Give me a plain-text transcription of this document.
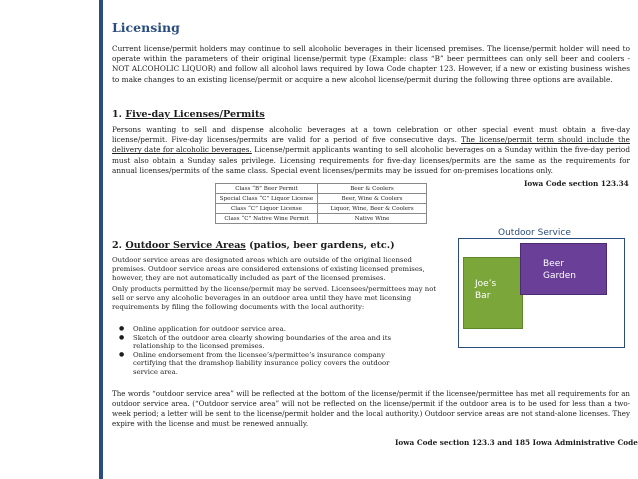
Licensing
Current license/permit holders may continue to sell alcoholic beverages in their licensed premises. The license/permit holder will need to operate within the parameters of their original license/permit type (Example: class “B” beer permittees can only sell beer and coolers - NOT ALCOHOLIC LIQUOR) and follow all alcohol laws required by Iowa Code chapter 123. However, if a new or existing business wishes to make changes to an existing license/permit or acquire a new alcohol license/permit during the following three options are available.
1. Five-day Licenses/Permits
Persons wanting to sell and dispense alcoholic beverages at a town celebration or other special event must obtain a five-day license/permit. Five-day licenses/permits are valid for a period of five consecutive days. The license/permit term should include the delivery date for alcoholic beverages. License/permit applicants wanting to sell alcoholic beverages on a Sunday within the five-day period must also obtain a Sunday sales privilege. Licensing requirements for five-day licenses/permits are the same as the requirements for annual licenses/permits of the same class. Special event licenses/permits may be issued for on-premises locations only.
Iowa Code section 123.34
Class “B” Beer Permit	Beer & Coolers
Special Class “C” Liquor License	Beer, Wine & Coolers
Class “C” Liquor License	Liquor, Wine, Beer & Coolers
Class “C” Native Wine Permit	Native Wine
2. Outdoor Service Areas (patios, beer gardens, etc.)
Outdoor service areas are designated areas which are outside of the original licensed premises. Outdoor service areas are considered extensions of existing licensed premises, however, they are not automatically included as part of the licensed premises.
Only products permitted by the license/permit may be served. Licensees/permittees may not sell or serve any alcoholic beverages in an outdoor area until they have met licensing requirements by filing the following documents with the local authority:
● Online application for outdoor service area.
● Sketch of the outdoor area clearly showing boundaries of the area and its relationship to the licensed premises.
● Online endorsement from the licensee’s/permittee’s insurance company certifying that the dramshop liability insurance policy covers the outdoor service area.
Outdoor Service
Joe’s Bar
Beer Garden
The words “outdoor service area” will be reflected at the bottom of the license/permit if the licensee/permittee has met all requirements for an outdoor service area. (“Outdoor service area” will not be reflected on the license/permit if the outdoor area is to be used for less than a two-week period; a letter will be sent to the license/permit holder and the local authority.) Outdoor service areas are not stand-alone licenses. They expire with the license and must be renewed annually.
Iowa Code section 123.3 and 185 Iowa Administrative Code
